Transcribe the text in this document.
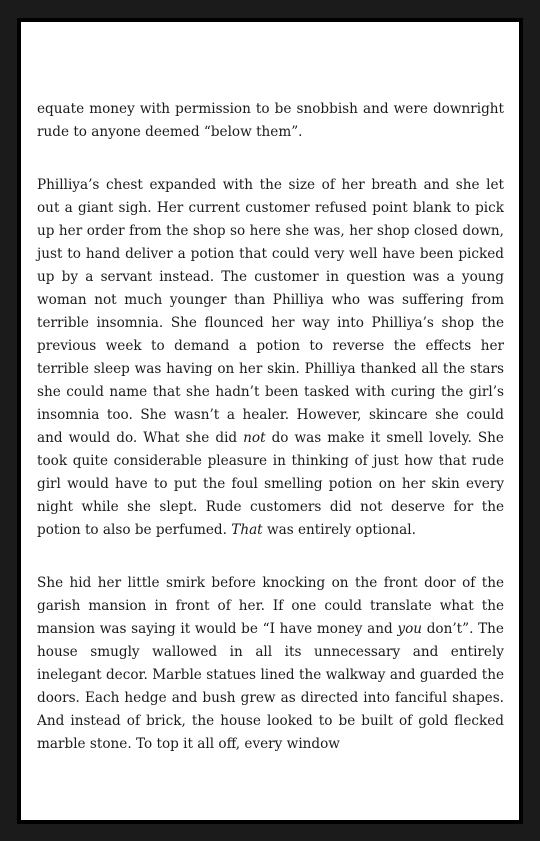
equate money with permission to be snobbish and were downright rude to anyone deemed “below them”.

Philliya’s chest expanded with the size of her breath and she let out a giant sigh. Her current customer refused point blank to pick up her order from the shop so here she was, her shop closed down, just to hand deliver a potion that could very well have been picked up by a servant instead. The customer in question was a young woman not much younger than Philliya who was suffering from terrible insomnia. She flounced her way into Philliya’s shop the previous week to demand a potion to reverse the effects her terrible sleep was having on her skin. Philliya thanked all the stars she could name that she hadn’t been tasked with curing the girl’s insomnia too. She wasn’t a healer. However, skincare she could and would do. What she did not do was make it smell lovely. She took quite considerable pleasure in thinking of just how that rude girl would have to put the foul smelling potion on her skin every night while she slept. Rude customers did not deserve for the potion to also be perfumed. That was entirely optional.

She hid her little smirk before knocking on the front door of the garish mansion in front of her. If one could translate what the mansion was saying it would be “I have money and you don’t”. The house smugly wallowed in all its unnecessary and entirely inelegant decor. Marble statues lined the walkway and guarded the doors. Each hedge and bush grew as directed into fanciful shapes. And instead of brick, the house looked to be built of gold flecked marble stone. To top it all off, every window
